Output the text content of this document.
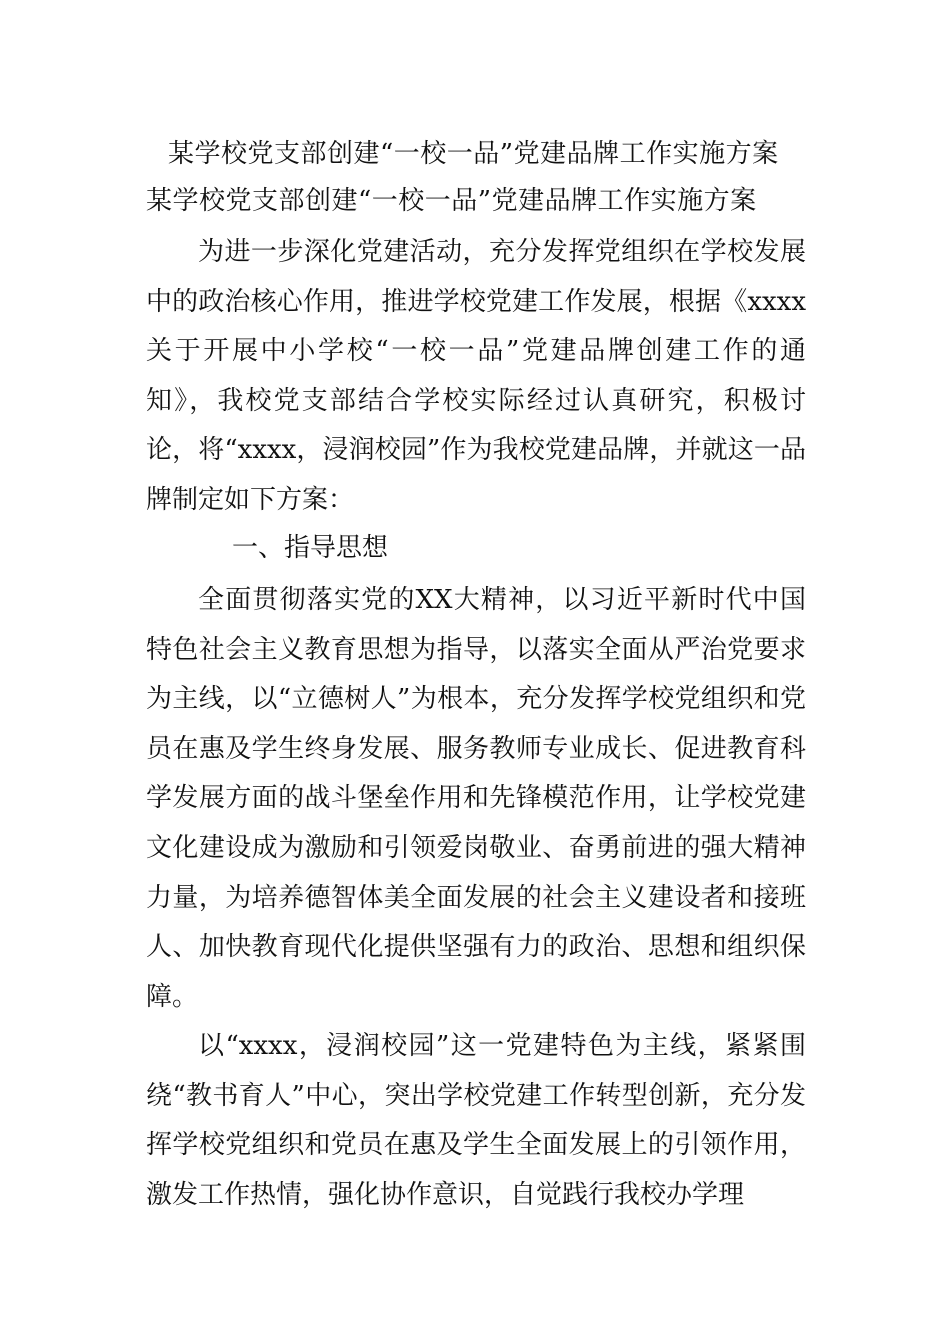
某学校党支部创建“一校一品”党建品牌工作实施方案
某学校党支部创建“一校一品”党建品牌工作实施方案

为进一步深化党建活动，充分发挥党组织在学校发展中的政治核心作用，推进学校党建工作发展，根据《xxxx关于开展中小学校“一校一品”党建品牌创建工作的通知》，我校党支部结合学校实际经过认真研究，积极讨论，将“xxxx，浸润校园”作为我校党建品牌，并就这一品牌制定如下方案：

一、指导思想

全面贯彻落实党的XX大精神，以习近平新时代中国特色社会主义教育思想为指导，以落实全面从严治党要求为主线，以“立德树人”为根本，充分发挥学校党组织和党员在惠及学生终身发展、服务教师专业成长、促进教育科学发展方面的战斗堡垒作用和先锋模范作用，让学校党建文化建设成为激励和引领爱岗敬业、奋勇前进的强大精神力量，为培养德智体美全面发展的社会主义建设者和接班人、加快教育现代化提供坚强有力的政治、思想和组织保障。

以“xxxx，浸润校园”这一党建特色为主线，紧紧围绕“教书育人”中心，突出学校党建工作转型创新，充分发挥学校党组织和党员在惠及学生全面发展上的引领作用，激发工作热情，强化协作意识，自觉践行我校办学理
